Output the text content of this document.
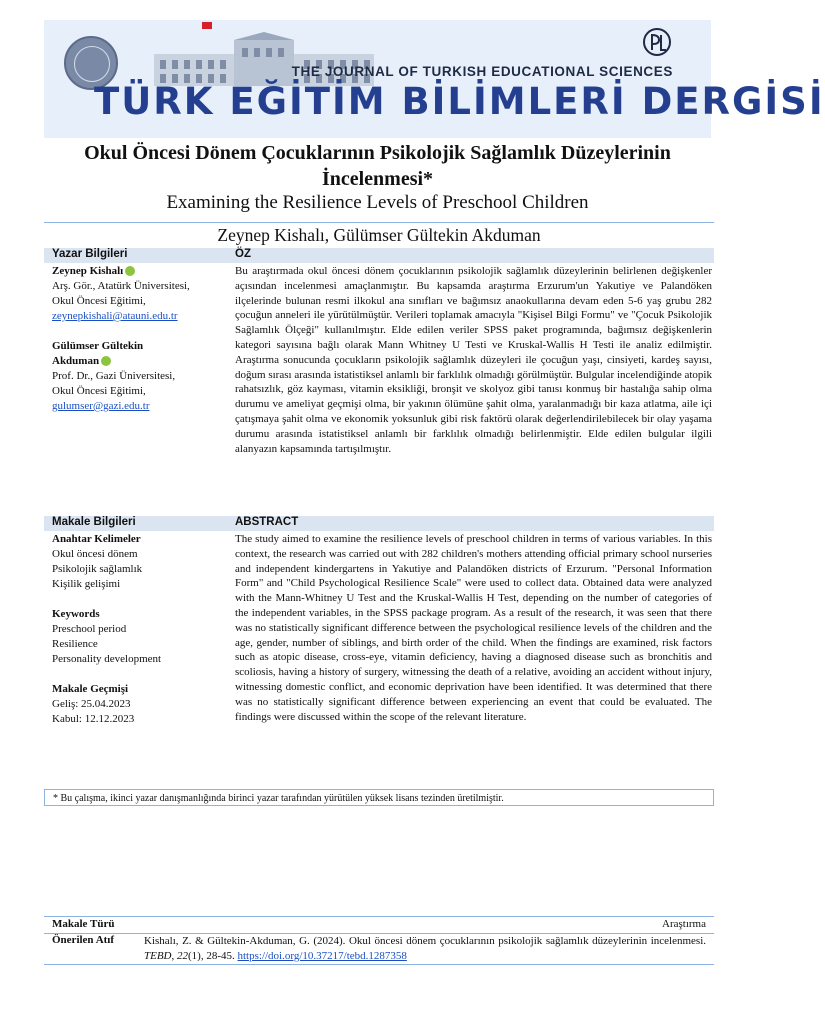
THE JOURNAL OF TURKISH EDUCATIONAL SCIENCES
TÜRK EĞİTİM BİLİMLERİ DERGİSİ
Okul Öncesi Dönem Çocuklarının Psikolojik Sağlamlık Düzeylerinin İncelenmesi*
Examining the Resilience Levels of Preschool Children
Zeynep Kishalı, Gülümser Gültekin Akduman
Yazar Bilgileri	ÖZ
Zeynep Kishalı
Arş. Gör., Atatürk Üniversitesi,
Okul Öncesi Eğitimi,
zeynepkishali@atauni.edu.tr
Gülümser Gültekin
Akduman
Prof. Dr., Gazi Üniversitesi,
Okul Öncesi Eğitimi,
gulumser@gazi.edu.tr
Bu araştırmada okul öncesi dönem çocuklarının psikolojik sağlamlık düzeylerinin belirlenen değişkenler açısından incelenmesi amaçlanmıştır. Bu kapsamda araştırma Erzurum'un Yakutiye ve Palandöken ilçelerinde bulunan resmi ilkokul ana sınıfları ve bağımsız anaokullarına devam eden 5-6 yaş grubu 282 çocuğun anneleri ile yürütülmüştür. Verileri toplamak amacıyla "Kişisel Bilgi Formu" ve "Çocuk Psikolojik Sağlamlık Ölçeği" kullanılmıştır. Elde edilen veriler SPSS paket programında, bağımsız değişkenlerin kategori sayısına bağlı olarak Mann Whitney U Testi ve Kruskal-Wallis H Testi ile analiz edilmiştir. Araştırma sonucunda çocukların psikolojik sağlamlık düzeyleri ile çocuğun yaşı, cinsiyeti, kardeş sayısı, doğum sırası arasında istatistiksel anlamlı bir farklılık olmadığı görülmüştür. Bulgular incelendiğinde atopik rahatsızlık, göz kayması, vitamin eksikliği, bronşit ve skolyoz gibi tanısı konmuş bir hastalığa sahip olma durumu ve ameliyat geçmişi olma, bir yakının ölümüne şahit olma, yaralanmadığı bir kaza atlatma, aile içi çatışmaya şahit olma ve ekonomik yoksunluk gibi risk faktörü olarak değerlendirilebilecek bir olay yaşama durumu arasında istatistiksel anlamlı bir farklılık olmadığı belirlenmiştir. Elde edilen bulgular ilgili alanyazın kapsamında tartışılmıştır.
Makale Bilgileri	ABSTRACT
Anahtar Kelimeler
Okul öncesi dönem
Psikolojik sağlamlık
Kişilik gelişimi
Keywords
Preschool period
Resilience
Personality development
Makale Geçmişi
Geliş: 25.04.2023
Kabul: 12.12.2023
The study aimed to examine the resilience levels of preschool children in terms of various variables. In this context, the research was carried out with 282 children's mothers attending official primary school nurseries and independent kindergartens in Yakutiye and Palandöken districts of Erzurum. "Personal Information Form" and "Child Psychological Resilience Scale" were used to collect data. Obtained data were analyzed with the Mann-Whitney U Test and the Kruskal-Wallis H Test, depending on the number of categories of the independent variables, in the SPSS package program. As a result of the research, it was seen that there was no statistically significant difference between the psychological resilience levels of the children and the age, gender, number of siblings, and birth order of the child. When the findings are examined, risk factors such as atopic disease, cross-eye, vitamin deficiency, having a diagnosed disease such as bronchitis and scoliosis, having a history of surgery, witnessing the death of a relative, avoiding an accident without injury, witnessing domestic conflict, and economic deprivation have been identified. It was determined that there was no statistically significant difference between experiencing an event that could be evaluated. The findings were discussed within the scope of the relevant literature.
* Bu çalışma, ikinci yazar danışmanlığında birinci yazar tarafından yürütülen yüksek lisans tezinden üretilmiştir.
Makale Türü	Araştırma
Önerilen Atıf	Kishalı, Z. & Gültekin-Akduman, G. (2024). Okul öncesi dönem çocuklarının psikolojik sağlamlık düzeylerinin incelenmesi. TEBD, 22(1), 28-45. https://doi.org/10.37217/tebd.1287358
